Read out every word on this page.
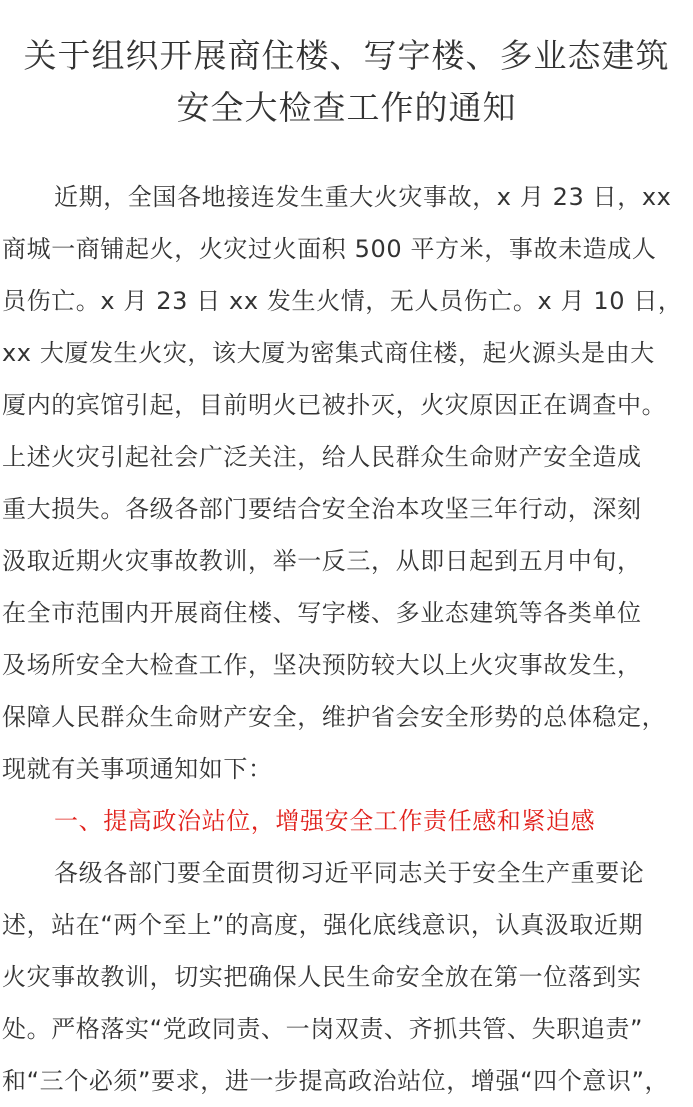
关于组织开展商住楼、写字楼、多业态建筑
安全大检查工作的通知
近期，全国各地接连发生重大火灾事故，x 月 23 日，xx
商城一商铺起火，火灾过火面积 500 平方米，事故未造成人
员伤亡。x 月 23 日 xx 发生火情，无人员伤亡。x 月 10 日，
xx 大厦发生火灾，该大厦为密集式商住楼，起火源头是由大
厦内的宾馆引起，目前明火已被扑灭，火灾原因正在调查中。
上述火灾引起社会广泛关注，给人民群众生命财产安全造成
重大损失。各级各部门要结合安全治本攻坚三年行动，深刻
汲取近期火灾事故教训，举一反三，从即日起到五月中旬，
在全市范围内开展商住楼、写字楼、多业态建筑等各类单位
及场所安全大检查工作，坚决预防较大以上火灾事故发生，
保障人民群众生命财产安全，维护省会安全形势的总体稳定，
现就有关事项通知如下：
一、提高政治站位，增强安全工作责任感和紧迫感
各级各部门要全面贯彻习近平同志关于安全生产重要论
述，站在“两个至上”的高度，强化底线意识，认真汲取近期
火灾事故教训，切实把确保人民生命安全放在第一位落到实
处。严格落实“党政同责、一岗双责、齐抓共管、失职追责”
和“三个必须”要求，进一步提高政治站位，增强“四个意识”，
